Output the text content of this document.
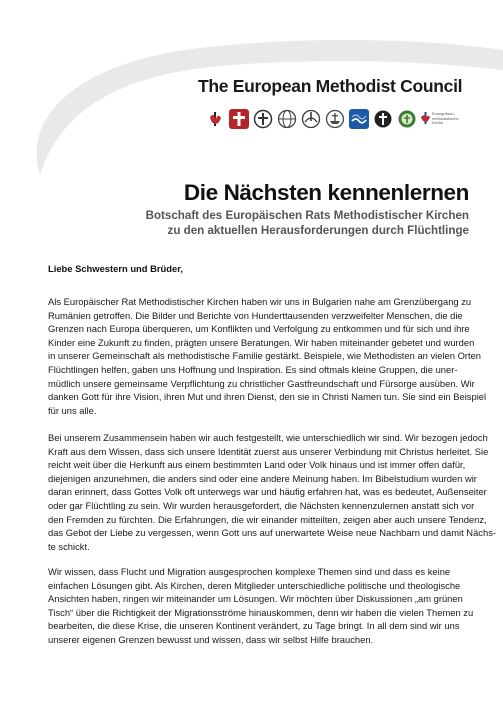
The European Methodist Council
Evangelisch-
methodistische
Kirche
Die Nächsten kennenlernen
Botschaft des Europäischen Rats Methodistischer Kirchen
zu den aktuellen Herausforderungen durch Flüchtlinge
Liebe Schwestern und Brüder,
Als Europäischer Rat Methodistischer Kirchen haben wir uns in Bulgarien nahe am Grenzübergang zu
Rumänien getroffen. Die Bilder und Berichte von Hunderttausenden verzweifelter Menschen, die die
Grenzen nach Europa überqueren, um Konflikten und Verfolgung zu entkommen und für sich und ihre
Kinder eine Zukunft zu finden, prägten unsere Beratungen. Wir haben miteinander gebetet und wurden
in unserer Gemeinschaft als methodistische Familie gestärkt. Beispiele, wie Methodisten an vielen Orten
Flüchtlingen helfen, gaben uns Hoffnung und Inspiration. Es sind oftmals kleine Gruppen, die uner-
müdlich unsere gemeinsame Verpflichtung zu christlicher Gastfreundschaft und Fürsorge ausüben. Wir
danken Gott für ihre Vision, ihren Mut und ihren Dienst, den sie in Christi Namen tun. Sie sind ein Beispiel
für uns alle.
Bei unserem Zusammensein haben wir auch festgestellt, wie unterschiedlich wir sind. Wir bezogen jedoch
Kraft aus dem Wissen, dass sich unsere Identität zuerst aus unserer Verbindung mit Christus herleitet. Sie
reicht weit über die Herkunft aus einem bestimmten Land oder Volk hinaus und ist immer offen dafür,
diejenigen anzunehmen, die anders sind oder eine andere Meinung haben. Im Bibelstudium wurden wir
daran erinnert, dass Gottes Volk oft unterwegs war und häufig erfahren hat, was es bedeutet, Außenseiter
oder gar Flüchtling zu sein. Wir wurden herausgefordert, die Nächsten kennenzulernen anstatt sich vor
den Fremden zu fürchten. Die Erfahrungen, die wir einander mitteilten, zeigen aber auch unsere Tendenz,
das Gebot der Liebe zu vergessen, wenn Gott uns auf unerwartete Weise neue Nachbarn und damit Nächs-
te schickt.
Wir wissen, dass Flucht und Migration ausgesprochen komplexe Themen sind und dass es keine
einfachen Lösungen gibt. Als Kirchen, deren Mitglieder unterschiedliche politische und theologische
Ansichten haben, ringen wir miteinander um Lösungen. Wir möchten über Diskussionen „am grünen
Tisch“ über die Richtigkeit der Migrationsströme hinauskommen, denn wir haben die vielen Themen zu
bearbeiten, die diese Krise, die unseren Kontinent verändert, zu Tage bringt. In all dem sind wir uns
unserer eigenen Grenzen bewusst und wissen, dass wir selbst Hilfe brauchen.
